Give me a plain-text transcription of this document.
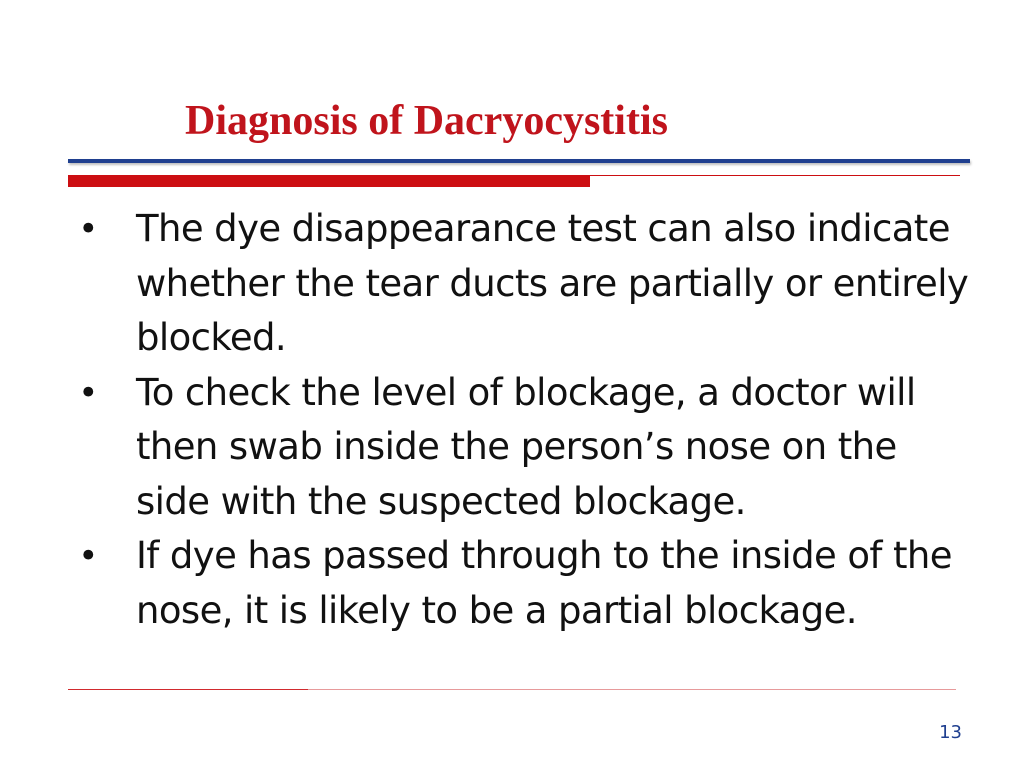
Diagnosis of Dacryocystitis
• The dye disappearance test can also indicate whether the tear ducts are partially or entirely blocked.
• To check the level of blockage, a doctor will then swab inside the person’s nose on the side with the suspected blockage.
• If dye has passed through to the inside of the nose, it is likely to be a partial blockage.
13
